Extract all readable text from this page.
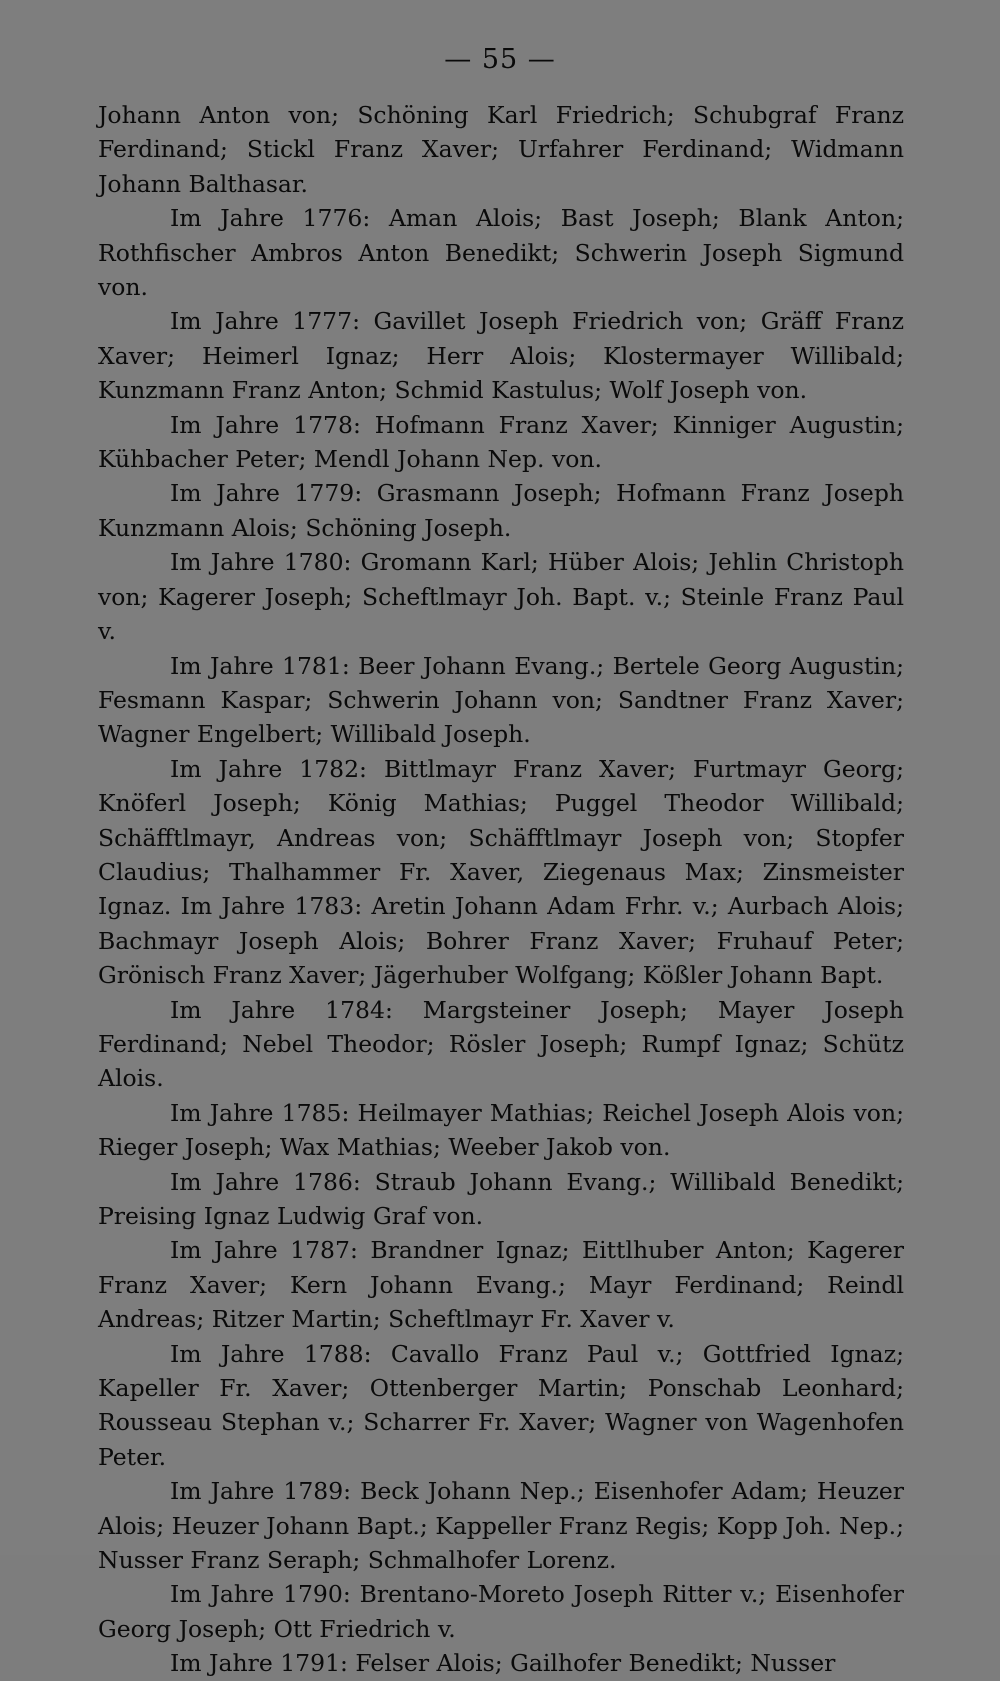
— 55 —

Johann Anton von; Schöning Karl Friedrich; Schubgraf Franz Ferdinand; Stickl Franz Xaver; Urfahrer Ferdinand; Widmann Johann Balthasar.

Im Jahre 1776: Aman Alois; Bast Joseph; Blank Anton; Rothfischer Ambros Anton Benedikt; Schwerin Joseph Sigmund von.

Im Jahre 1777: Gavillet Joseph Friedrich von; Gräff Franz Xaver; Heimerl Ignaz; Herr Alois; Klostermayer Willibald; Kunzmann Franz Anton; Schmid Kastulus; Wolf Joseph von.

Im Jahre 1778: Hofmann Franz Xaver; Kinniger Augustin; Kühbacher Peter; Mendl Johann Nep. von.

Im Jahre 1779: Grasmann Joseph; Hofmann Franz Joseph Kunzmann Alois; Schöning Joseph.

Im Jahre 1780: Gromann Karl; Hüber Alois; Jehlin Christoph von; Kagerer Joseph; Scheftlmayr Joh. Bapt. v.; Steinle Franz Paul v.

Im Jahre 1781: Beer Johann Evang.; Bertele Georg Augustin; Fesmann Kaspar; Schwerin Johann von; Sandtner Franz Xaver; Wagner Engelbert; Willibald Joseph.

Im Jahre 1782: Bittlmayr Franz Xaver; Furtmayr Georg; Knöferl Joseph; König Mathias; Puggel Theodor Willibald; Schäfftlmayr, Andreas von; Schäfftlmayr Joseph von; Stopfer Claudius; Thalhammer Fr. Xaver, Ziegenaus Max; Zinsmeister Ignaz. Im Jahre 1783: Aretin Johann Adam Frhr. v.; Aurbach Alois; Bachmayr Joseph Alois; Bohrer Franz Xaver; Fruhauf Peter; Grönisch Franz Xaver; Jägerhuber Wolfgang; Kößler Johann Bapt.

Im Jahre 1784: Margsteiner Joseph; Mayer Joseph Ferdinand; Nebel Theodor; Rösler Joseph; Rumpf Ignaz; Schütz Alois.

Im Jahre 1785: Heilmayer Mathias; Reichel Joseph Alois von; Rieger Joseph; Wax Mathias; Weeber Jakob von.

Im Jahre 1786: Straub Johann Evang.; Willibald Benedikt; Preising Ignaz Ludwig Graf von.

Im Jahre 1787: Brandner Ignaz; Eittlhuber Anton; Kagerer Franz Xaver; Kern Johann Evang.; Mayr Ferdinand; Reindl Andreas; Ritzer Martin; Scheftlmayr Fr. Xaver v.

Im Jahre 1788: Cavallo Franz Paul v.; Gottfried Ignaz; Kapeller Fr. Xaver; Ottenberger Martin; Ponschab Leonhard; Rousseau Stephan v.; Scharrer Fr. Xaver; Wagner von Wagenhofen Peter.

Im Jahre 1789: Beck Johann Nep.; Eisenhofer Adam; Heuzer Alois; Heuzer Johann Bapt.; Kappeller Franz Regis; Kopp Joh. Nep.; Nusser Franz Seraph; Schmalhofer Lorenz.

Im Jahre 1790: Brentano-Moreto Joseph Ritter v.; Eisenhofer Georg Joseph; Ott Friedrich v.

Im Jahre 1791: Felser Alois; Gailhofer Benedikt; Nusser
